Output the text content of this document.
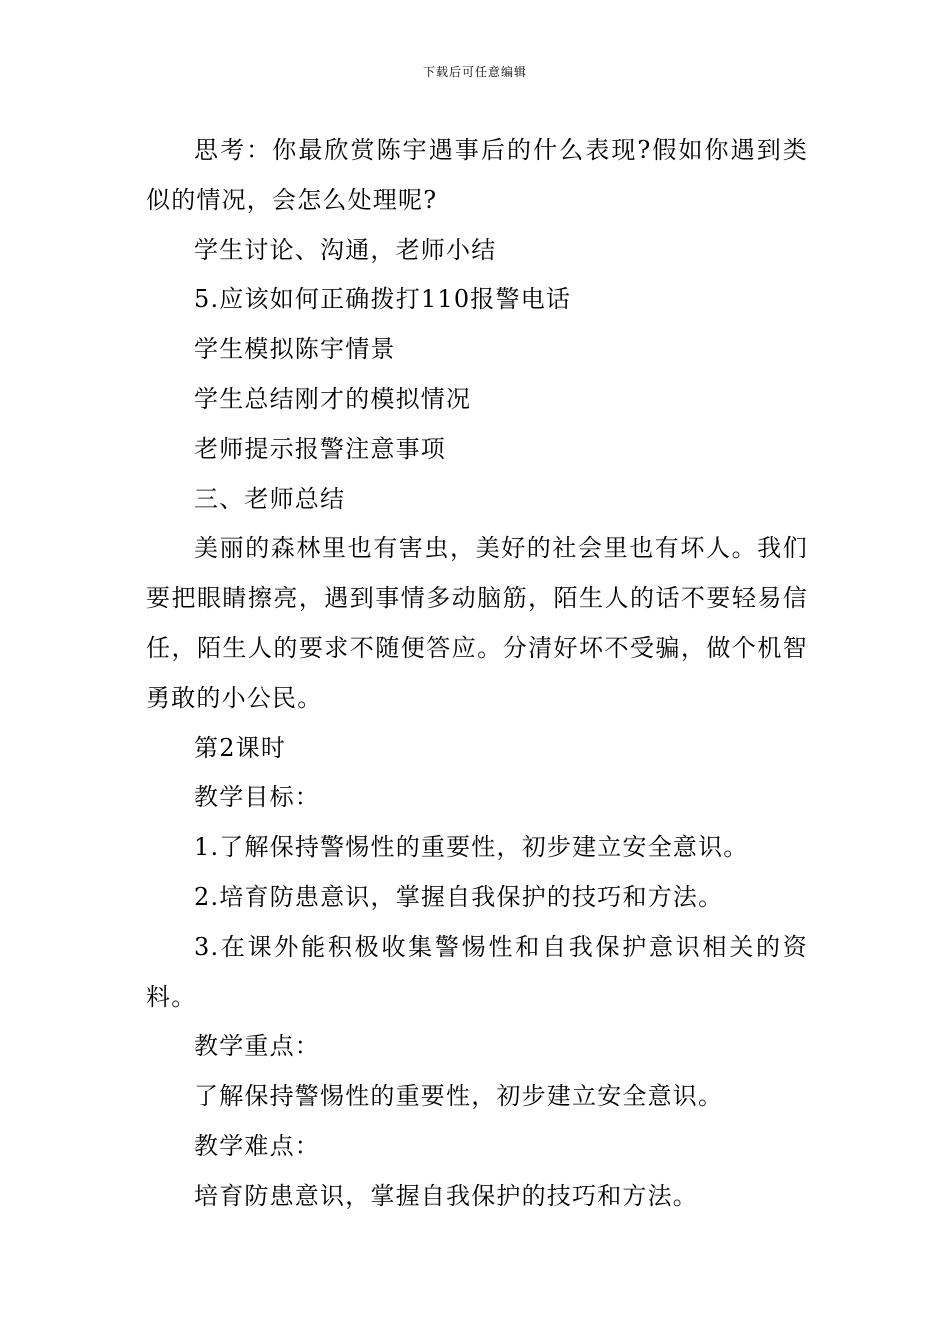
下载后可任意编辑

思考：你最欣赏陈宇遇事后的什么表现?假如你遇到类似的情况，会怎么处理呢?

学生讨论、沟通，老师小结

5.应该如何正确拨打110报警电话

学生模拟陈宇情景

学生总结刚才的模拟情况

老师提示报警注意事项

三、老师总结

美丽的森林里也有害虫，美好的社会里也有坏人。我们要把眼睛擦亮，遇到事情多动脑筋，陌生人的话不要轻易信任，陌生人的要求不随便答应。分清好坏不受骗，做个机智勇敢的小公民。

第2课时

教学目标：

1.了解保持警惕性的重要性，初步建立安全意识。

2.培育防患意识，掌握自我保护的技巧和方法。

3.在课外能积极收集警惕性和自我保护意识相关的资料。

教学重点：

了解保持警惕性的重要性，初步建立安全意识。

教学难点：

培育防患意识，掌握自我保护的技巧和方法。
